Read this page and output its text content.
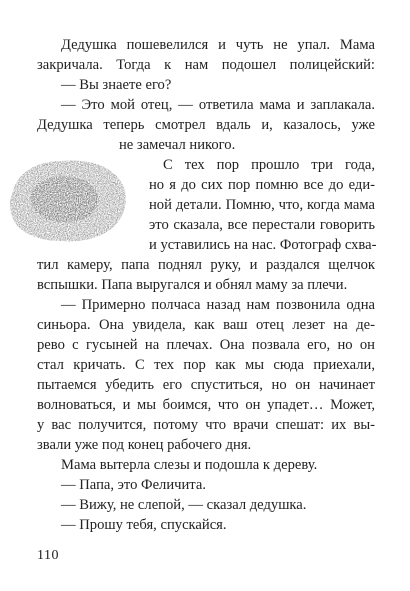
Дедушка пошевелился и чуть не упал. Мама
закричала. Тогда к нам подошел полицейский:
— Вы знаете его?
— Это мой отец, — ответила мама и заплакала.
Дедушка теперь смотрел вдаль и, казалось, уже
не замечал никого.
С тех пор прошло три года,
но я до сих пор помню все до еди-
ной детали. Помню, что, когда мама
это сказала, все перестали говорить
и уставились на нас. Фотограф схва-
тил камеру, папа поднял руку, и раздался щелчок
вспышки. Папа выругался и обнял маму за плечи.
— Примерно полчаса назад нам позвонила одна
синьора. Она увидела, как ваш отец лезет на де-
рево с гусыней на плечах. Она позвала его, но он
стал кричать. С тех пор как мы сюда приехали,
пытаемся убедить его спуститься, но он начинает
волноваться, и мы боимся, что он упадет… Может,
у вас получится, потому что врачи спешат: их вы-
звали уже под конец рабочего дня.
Мама вытерла слезы и подошла к дереву.
— Папа, это Феличита.
— Вижу, не слепой, — сказал дедушка.
— Прошу тебя, спускайся.
110
